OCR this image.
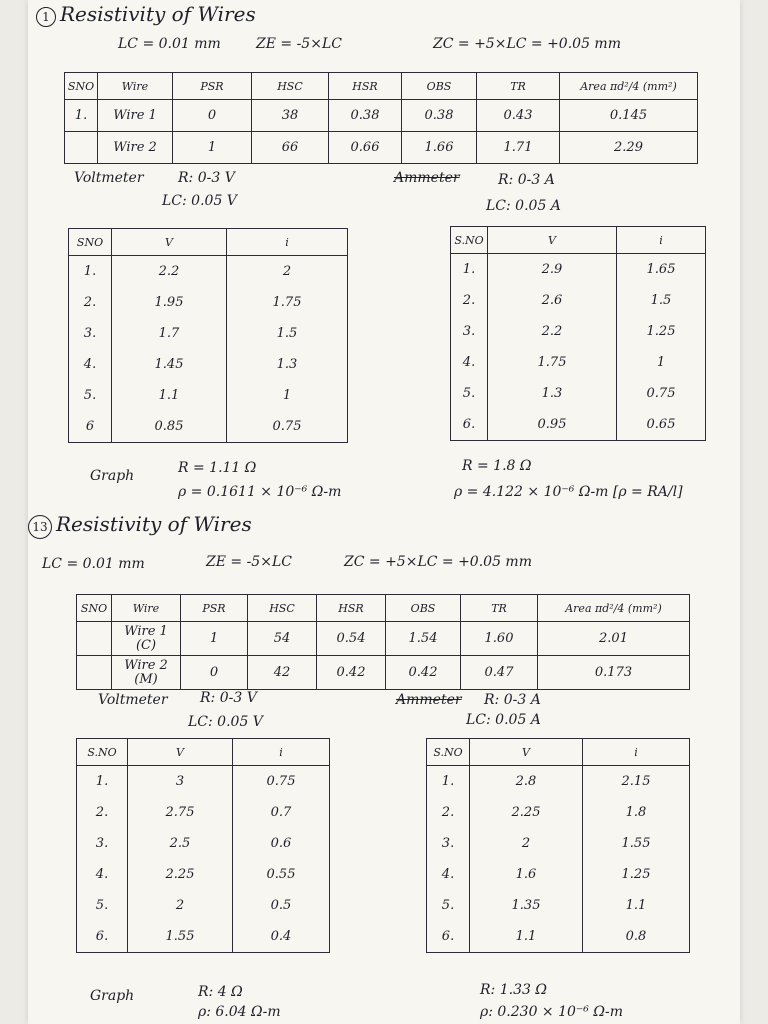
1 Resistivity of Wires
LC = 0.01 mm	ZE = -5×LC	ZC = +5×LC = +0.05 mm
SNO	Wire	PSR	HSC	HSR	OBS	TR	Area πd²/4 (mm²)
1.	Wire 1	0	38	0.38	0.38	0.43	0.145
	Wire 2	1	66	0.66	1.66	1.71	2.29
Voltmeter R: 0-3 V
LC: 0.05 V
Ammeter	R: 0-3 A
LC: 0.05 A
SNO	V	i
1.	2.2	2
2.	1.95	1.75
3.	1.7	1.5
4.	1.45	1.3
5.	1.1	1
6	0.85	0.75
S.NO	V	i
1.	2.9	1.65
2.	2.6	1.5
3.	2.2	1.25
4.	1.75	1
5.	1.3	0.75
6.	0.95	0.65
Graph	R = 1.11 Ω
ρ = 0.1611 × 10⁻⁶ Ω-m
R = 1.8 Ω
ρ = 4.122 × 10⁻⁶ Ω-m [ρ = RA/l]
13 Resistivity of Wires
LC = 0.01 mm	ZE = -5×LC	ZC = +5×LC = +0.05 mm
SNO	Wire	PSR	HSC	HSR	OBS	TR	Area πd²/4 (mm²)
	Wire 1 (C)	1	54	0.54	1.54	1.60	2.01
	Wire 2 (M)	0	42	0.42	0.42	0.47	0.173
Voltmeter R: 0-3 V
LC: 0.05 V
Ammeter R: 0-3 A
LC: 0.05 A
S.NO	V	i
1.	3	0.75
2.	2.75	0.7
3.	2.5	0.6
4.	2.25	0.55
5.	2	0.5
6.	1.55	0.4
S.NO	V	i
1.	2.8	2.15
2.	2.25	1.8
3.	2	1.55
4.	1.6	1.25
5.	1.35	1.1
6.	1.1	0.8
Graph	R: 4 Ω
ρ: 6.04 Ω-m
R: 1.33 Ω
ρ: 0.230 × 10⁻⁶ Ω-m
